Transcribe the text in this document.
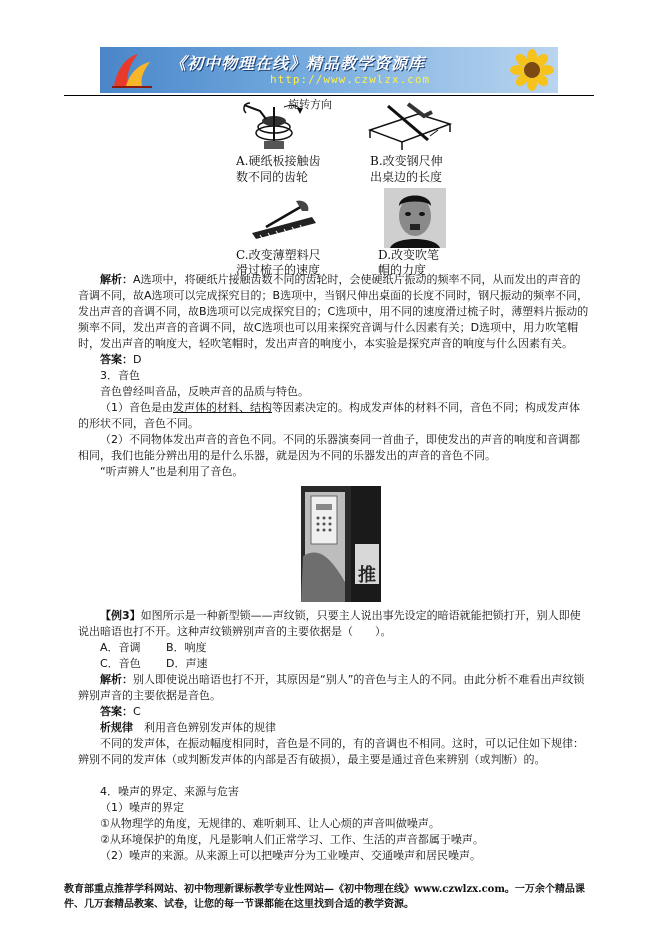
《初中物理在线》精品教学资源库
http://www.czwlzx.com
旋转方向
A.硬纸板接触齿
数不同的齿轮
B.改变钢尺伸
出桌边的长度
C.改变薄塑料尺
滑过梳子的速度
D.改变吹笔
帽的力度
解析：A选项中，将硬纸片接触齿数不同的齿轮时，会使硬纸片振动的频率不同，从而发出的声音的音调不同，故A选项可以完成探究目的；B选项中，当钢尺伸出桌面的长度不同时，钢尺振动的频率不同，发出声音的音调不同，故B选项可以完成探究目的；C选项中，用不同的速度滑过梳子时，薄塑料片振动的频率不同，发出声音的音调不同，故C选项也可以用来探究音调与什么因素有关；D选项中，用力吹笔帽时，发出声音的响度大，轻吹笔帽时，发出声音的响度小，本实验是探究声音的响度与什么因素有关。
答案：D
3．音色
音色曾经叫音品，反映声音的品质与特色。
（1）音色是由发声体的材料、结构等因素决定的。构成发声体的材料不同，音色不同；构成发声体的形状不同，音色不同。
（2）不同物体发出声音的音色不同。不同的乐器演奏同一首曲子，即使发出的声音的响度和音调都相同，我们也能分辨出用的是什么乐器，就是因为不同的乐器发出的声音的音色不同。
“听声辨人”也是利用了音色。
推
【例3】如图所示是一种新型锁——声纹锁，只要主人说出事先设定的暗语就能把锁打开，别人即使说出暗语也打不开。这种声纹锁辨别声音的主要依据是（　　）。
A．音调 B．响度
C．音色 D．声速
解析：别人即使说出暗语也打不开，其原因是“别人”的音色与主人的不同。由此分析不难看出声纹锁辨别声音的主要依据是音色。
答案：C
析规律　 利用音色辨别发声体的规律
不同的发声体，在振动幅度相同时，音色是不同的，有的音调也不相同。这时，可以记住如下规律：辨别不同的发声体（或判断发声体的内部是否有破损），最主要是通过音色来辨别（或判断）的。
4．噪声的界定、来源与危害
（1）噪声的界定
①从物理学的角度，无规律的、难听刺耳、让人心烦的声音叫做噪声。
②从环境保护的角度，凡是影响人们正常学习、工作、生活的声音都属于噪声。
（2）噪声的来源。从来源上可以把噪声分为工业噪声、交通噪声和居民噪声。
教育部重点推荐学科网站、初中物理新课标教学专业性网站—《初中物理在线》www.czwlzx.com。一万余个精品课
件、几万套精品教案、试卷，让您的每一节课都能在这里找到合适的教学资源。
